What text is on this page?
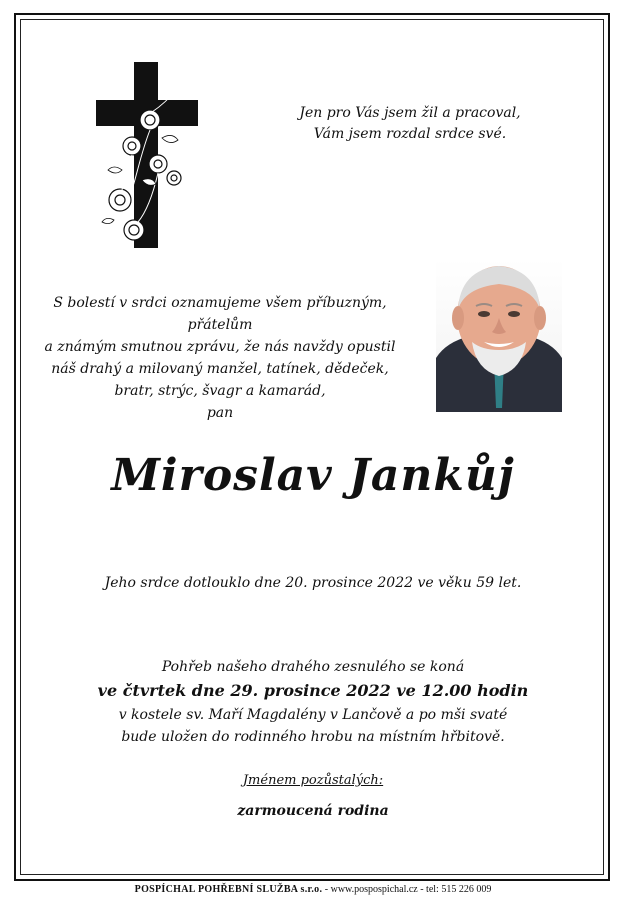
Jen pro Vás jsem žil a pracoval,
Vám jsem rozdal srdce své.
S bolestí v srdci oznamujeme všem příbuzným, přátelům
a známým smutnou zprávu, že nás navždy opustil
náš drahý a milovaný manžel, tatínek, dědeček,
bratr, strýc, švagr a kamarád,
pan
Miroslav Jankůj
Jeho srdce dotlouklo dne 20. prosince 2022 ve věku 59 let.
Pohřeb našeho drahého zesnulého se koná
ve čtvrtek dne 29. prosince 2022 ve 12.00 hodin
v kostele sv. Maří Magdalény v Lančově a po mši svaté
bude uložen do rodinného hrobu na místním hřbitově.
Jménem pozůstalých:
zarmoucená rodina
POSPÍCHAL POHŘEBNÍ SLUŽBA s.r.o. - www.pospospichal.cz - tel: 515 226 009
